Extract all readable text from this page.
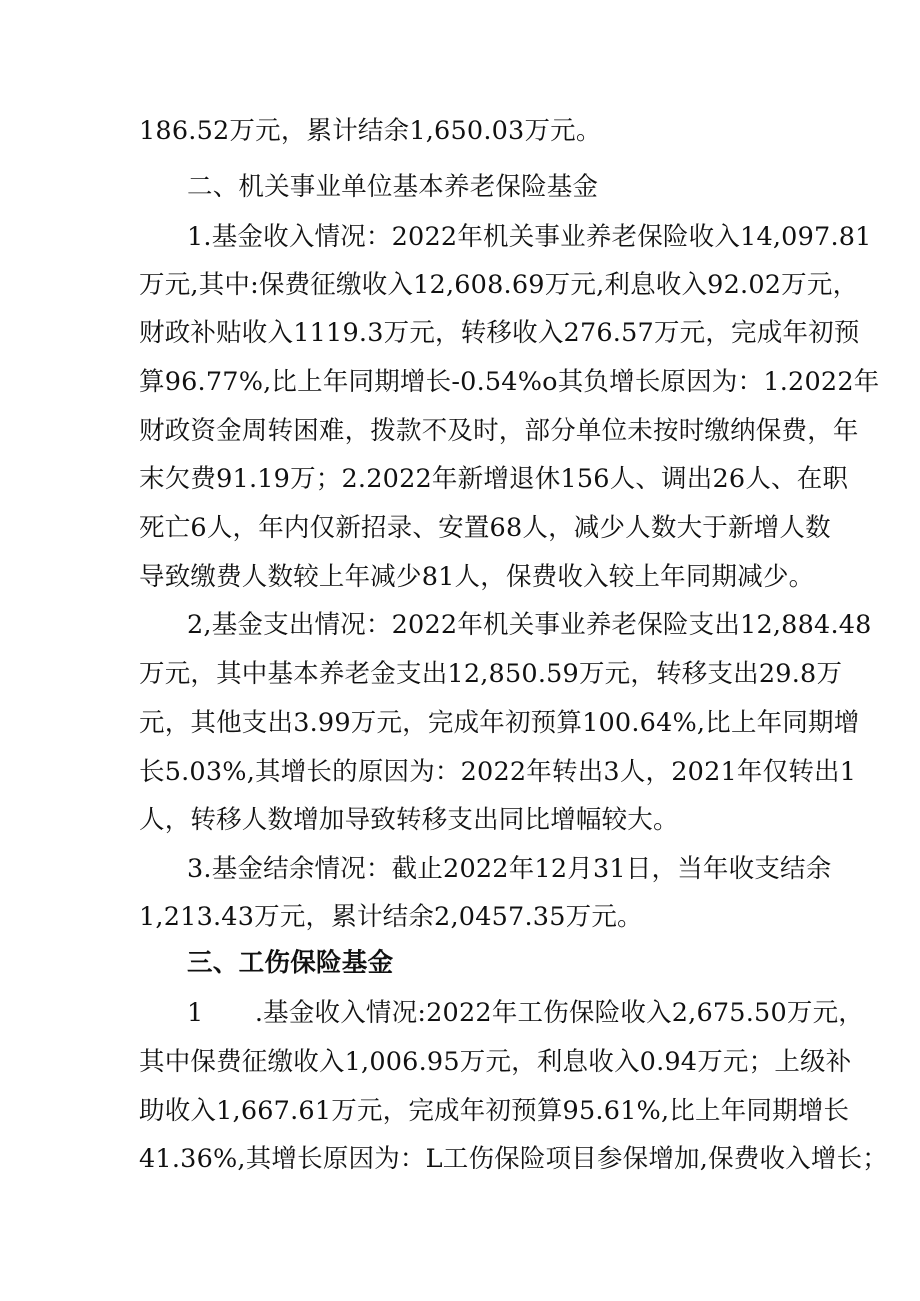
186.52万元，累计结余1,650.03万元。
二、机关事业单位基本养老保险基金
1.基金收入情况：2022年机关事业养老保险收入14,097.81
万元,其中:保费征缴收入12,608.69万元,利息收入92.02万元，
财政补贴收入1119.3万元，转移收入276.57万元，完成年初预
算96.77%,比上年同期增长-0.54%o其负增长原因为：1.2022年
财政资金周转困难，拨款不及时，部分单位未按时缴纳保费，年
末欠费91.19万；2.2022年新增退休156人、调出26人、在职
死亡6人，年内仅新招录、安置68人，减少人数大于新增人数
导致缴费人数较上年减少81人，保费收入较上年同期减少。
2,基金支出情况：2022年机关事业养老保险支出12,884.48
万元，其中基本养老金支出12,850.59万元，转移支出29.8万
元，其他支出3.99万元，完成年初预算100.64%,比上年同期增
长5.03%,其增长的原因为：2022年转出3人，2021年仅转出1
人，转移人数增加导致转移支出同比增幅较大。
3.基金结余情况：截止2022年12月31日，当年收支结余
1,213.43万元，累计结余2,0457.35万元。
三、工伤保险基金
1　　.基金收入情况:2022年工伤保险收入2,675.50万元，
其中保费征缴收入1,006.95万元，利息收入0.94万元；上级补
助收入1,667.61万元，完成年初预算95.61%,比上年同期增长
41.36%,其增长原因为：L工伤保险项目参保增加,保费收入增长；
